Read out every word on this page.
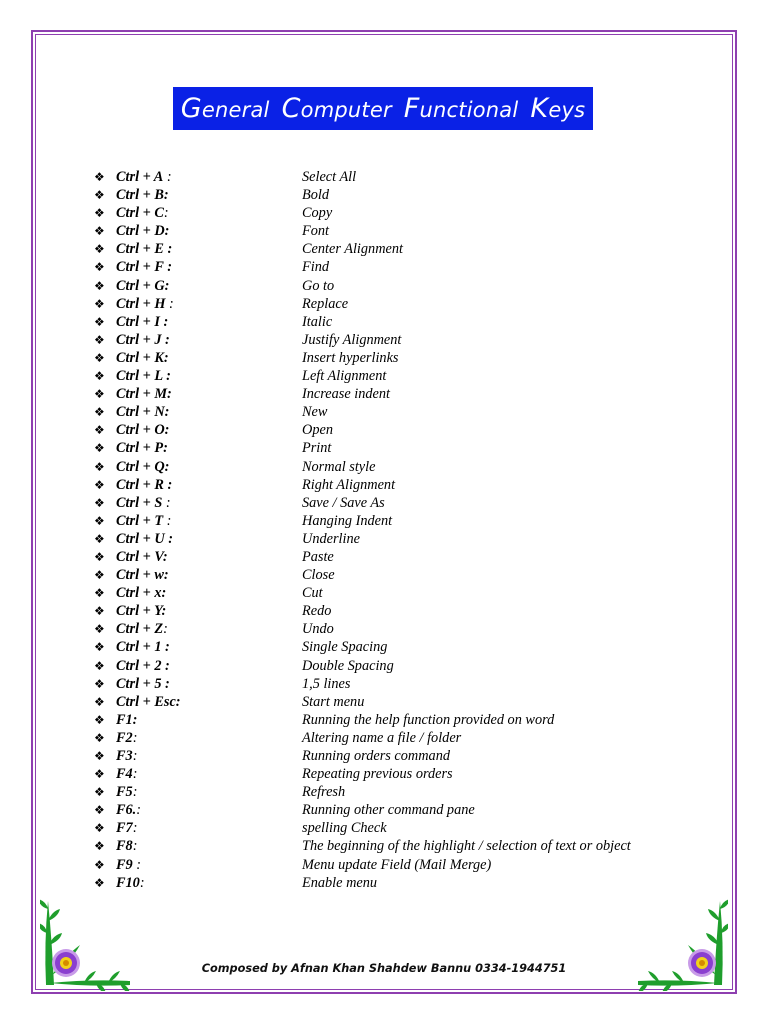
General Computer Functional Keys
❖ Ctrl + A :	Select All
❖ Ctrl + B:	Bold
❖ Ctrl + C:	Copy
❖ Ctrl + D:	Font
❖ Ctrl + E :	Center Alignment
❖ Ctrl + F :	Find
❖ Ctrl + G:	Go to
❖ Ctrl + H :	Replace
❖ Ctrl + I :	Italic
❖ Ctrl + J :	Justify Alignment
❖ Ctrl + K:	Insert hyperlinks
❖ Ctrl + L :	Left Alignment
❖ Ctrl + M:	Increase indent
❖ Ctrl + N:	New
❖ Ctrl + O:	Open
❖ Ctrl + P:	Print
❖ Ctrl + Q:	Normal style
❖ Ctrl + R :	Right Alignment
❖ Ctrl + S :	Save / Save As
❖ Ctrl + T :	Hanging Indent
❖ Ctrl + U :	Underline
❖ Ctrl + V:	Paste
❖ Ctrl + w:	Close
❖ Ctrl + x:	Cut
❖ Ctrl + Y:	Redo
❖ Ctrl + Z:	Undo
❖ Ctrl + 1 :	Single Spacing
❖ Ctrl + 2 :	Double Spacing
❖ Ctrl + 5 :	1,5 lines
❖ Ctrl + Esc:	Start menu
❖ F1:	Running the help function provided on word
❖ F2:	Altering name a file / folder
❖ F3:	Running orders command
❖ F4:	Repeating previous orders
❖ F5:	Refresh
❖ F6.:	Running other command pane
❖ F7:	spelling Check
❖ F8:	The beginning of the highlight / selection of text or object
❖ F9 :	Menu update Field (Mail Merge)
❖ F10:	Enable menu
Composed by Afnan Khan Shahdew Bannu 0334-1944751
